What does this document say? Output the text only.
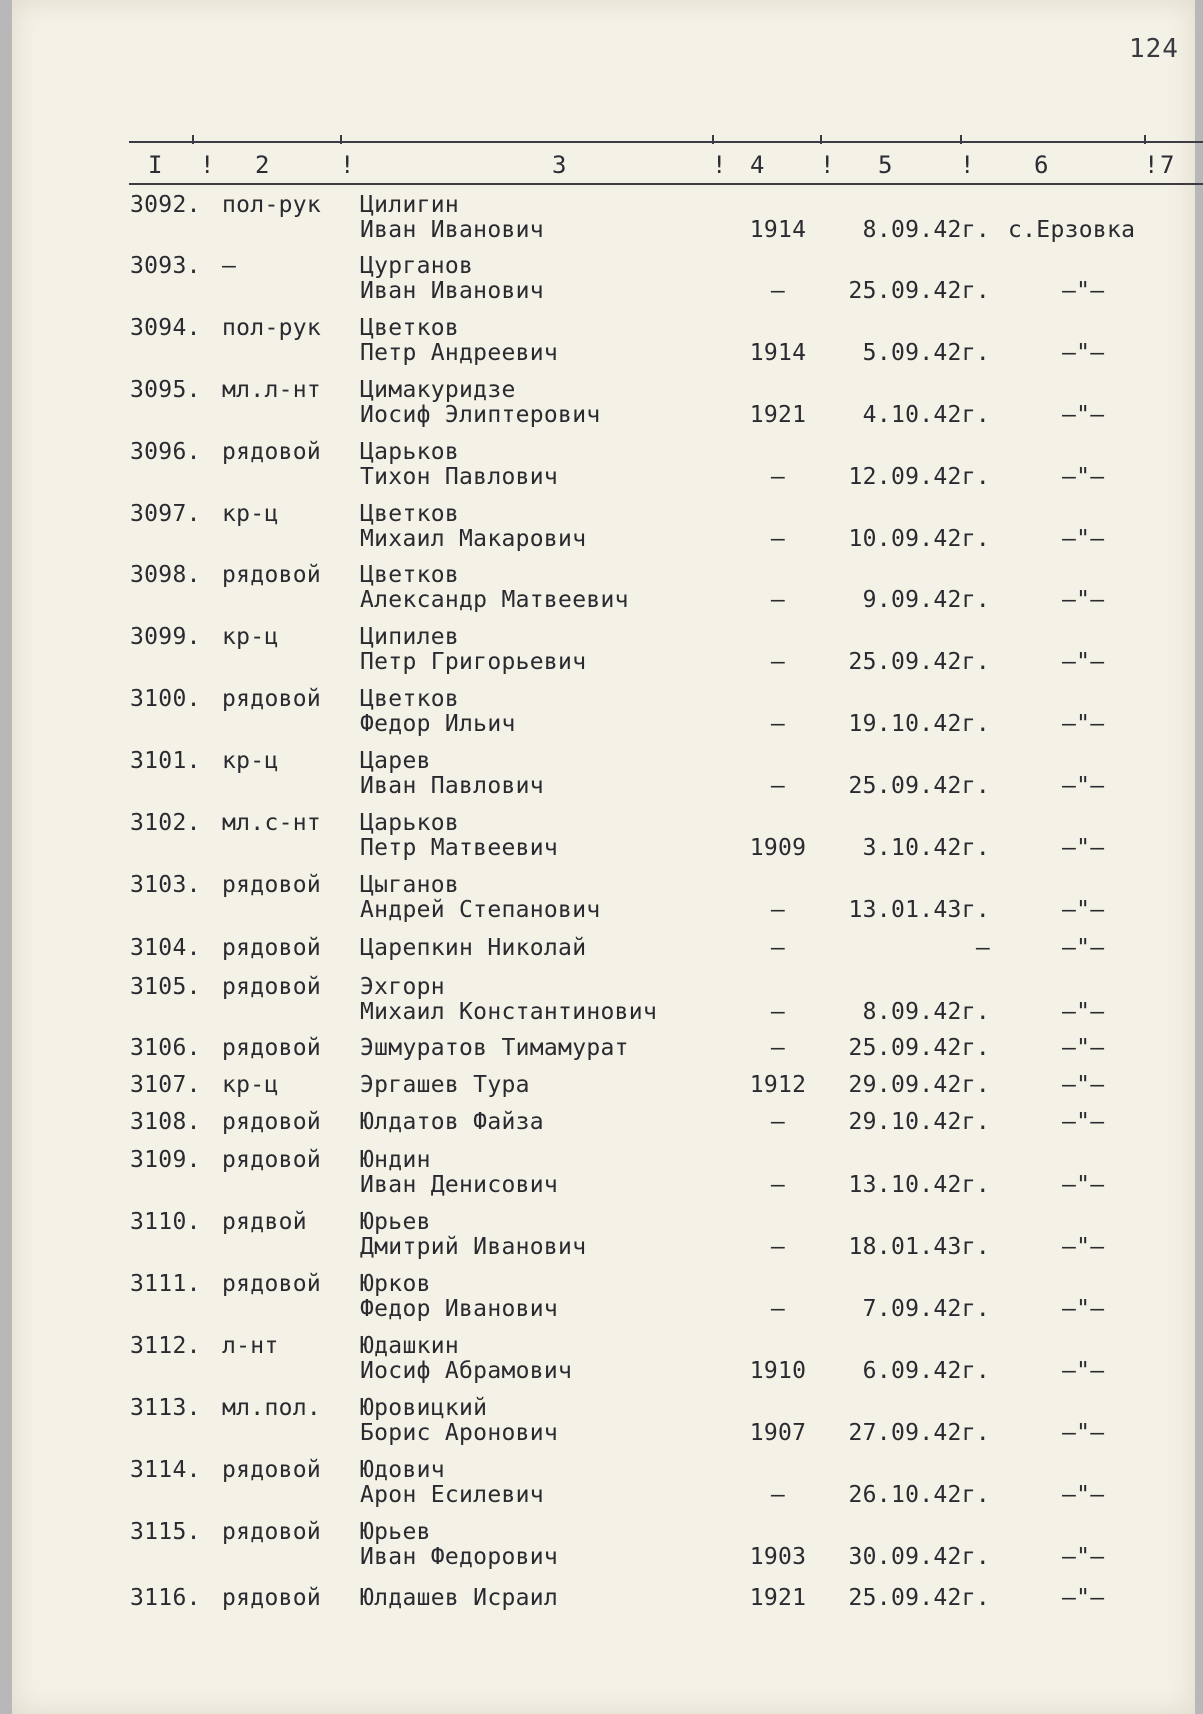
124
I	2	3	4	5	6	7
!	!	!	!	!	!
3092. пол-рук Цилигин
Иван Иванович	1914	8.09.42г. с.Ерзовка
3093. –	Цурганов
Иван Иванович	–	25.09.42г.	–"–
3094. пол-рук Цветков
Петр Андреевич	1914	5.09.42г.	–"–
3095. мл.л-нт Цимакуридзе
Иосиф Элиптерович	1921	4.10.42г.	–"–
3096. рядовой Царьков
Тихон Павлович	–	12.09.42г.	–"–
3097. кр-ц	Цветков
Михаил Макарович	–	10.09.42г.	–"–
3098. рядовой Цветков
Александр Матвеевич	–	9.09.42г.	–"–
3099. кр-ц	Ципилев
Петр Григорьевич	–	25.09.42г.	–"–
3100. рядовой Цветков
Федор Ильич	–	19.10.42г.	–"–
3101. кр-ц	Царев
Иван Павлович	–	25.09.42г.	–"–
3102. мл.с-нт Царьков
Петр Матвеевич	1909	3.10.42г.	–"–
3103. рядовой Цыганов
Андрей Степанович	–	13.01.43г.	–"–
3104. рядовой Царепкин Николай	–	–	–"–
3105. рядовой Эхгорн
Михаил Константинович	–	8.09.42г.	–"–
3106. рядовой Эшмуратов Тимамурат	–	25.09.42г.	–"–
3107. кр-ц	Эргашев Тура	1912	29.09.42г.	–"–
3108. рядовой Юлдатов Файза	–	29.10.42г.	–"–
3109. рядовой Юндин
Иван Денисович	–	13.10.42г.	–"–
3110. рядвой Юрьев
Дмитрий Иванович	–	18.01.43г.	–"–
3111. рядовой Юрков
Федор Иванович	–	7.09.42г.	–"–
3112. л-нт	Юдашкин
Иосиф Абрамович	1910	6.09.42г.	–"–
3113. мл.пол. Юровицкий
Борис Аронович	1907	27.09.42г.	–"–
3114. рядовой Юдович
Арон Есилевич	–	26.10.42г.	–"–
3115. рядовой Юрьев
Иван Федорович	1903	30.09.42г.	–"–
3116. рядовой Юлдашев Исраил	1921	25.09.42г.	–"–
